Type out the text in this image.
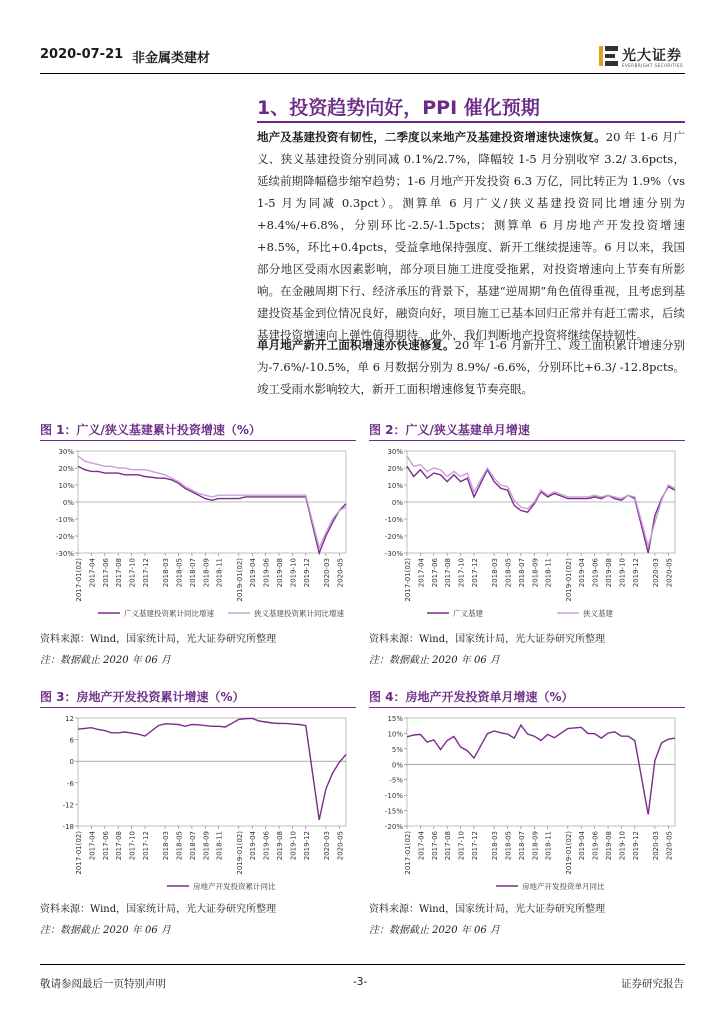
2020-07-21 非金属类建材	光大证券
EVERBRIGHT SECURITIES
1、投资趋势向好，PPI 催化预期
地产及基建投资有韧性，二季度以来地产及基建投资增速快速恢复。20 年 1-6 月广义、狭义基建投资分别同减 0.1%/2.7%，降幅较 1-5 月分别收窄 3.2/ 3.6pcts，延续前期降幅稳步缩窄趋势；1-6 月地产开发投资 6.3 万亿，同比转正为 1.9%（vs 1-5 月为同减 0.3pct）。测算单 6 月广义/狭义基建投资同比增速分别为+8.4%/+6.8%，分别环比-2.5/-1.5pcts；测算单 6 月房地产开发投资增速+8.5%，环比+0.4pcts，受益拿地保持强度、新开工继续提速等。6 月以来，我国部分地区受雨水因素影响，部分项目施工进度受拖累，对投资增速向上节奏有所影响。在金融周期下行、经济承压的背景下，基建“逆周期”角色值得重视，且考虑到基建投资基金到位情况良好，融资向好，项目施工已基本回归正常并有赶工需求，后续基建投资增速向上弹性值得期待。此外，我们判断地产投资将继续保持韧性。
单月地产新开工面积增速亦快速修复。20 年 1-6 月新开工、竣工面积累计增速分别为-7.6%/-10.5%，单 6 月数据分别为 8.9%/ -6.6%，分别环比+6.3/ -12.8pcts。竣工受雨水影响较大，新开工面积增速修复节奏亮眼。
图 1：广义/狭义基建累计投资增速（%）
30%
20%
10%
0%
-10%
-20%
-30%
2017-01(02) 2017-04 2017-06 2017-08 2017-10 2017-12 2018-03 2018-05 2018-07 2018-09 2018-11 2019-01(02) 2019-04 2019-06 2019-08 2019-10 2019-12 2020-03 2020-05
广义基建投资累计同比增速	狭义基建投资累计同比增速
资料来源：Wind，国家统计局，光大证券研究所整理
注：数据截止 2020 年 06 月
图 2：广义/狭义基建单月增速
30%
20%
10%
0%
-10%
-20%
-30%
2017-01(02) 2017-04 2017-06 2017-08 2017-10 2017-12 2018-03 2018-05 2018-07 2018-09 2018-11 2019-01(02) 2019-04 2019-06 2019-08 2019-10 2019-12 2020-03 2020-05
广义基建	狭义基建
资料来源：Wind，国家统计局，光大证券研究所整理
注：数据截止 2020 年 06 月
图 3：房地产开发投资累计增速（%）
12
6
0
-6
-12
-18
2017-01(02) 2017-04 2017-06 2017-08 2017-10 2017-12 2018-03 2018-05 2018-07 2018-09 2018-11 2019-01(02) 2019-04 2019-06 2019-08 2019-10 2019-12 2020-03 2020-05
房地产开发投资累计同比
资料来源：Wind，国家统计局，光大证券研究所整理
注：数据截止 2020 年 06 月
图 4：房地产开发投资单月增速（%）
15%
10%
5%
0%
-5%
-10%
-15%
-20%
2017-01(02) 2017-04 2017-06 2017-08 2017-10 2017-12 2018-03 2018-05 2018-07 2018-09 2018-11 2019-01(02) 2019-04 2019-06 2019-08 2019-10 2019-12 2020-03 2020-05
房地产开发投资单月同比
资料来源：Wind，国家统计局，光大证券研究所整理
注：数据截止 2020 年 06 月
敬请参阅最后一页特别声明	-3-	证券研究报告
